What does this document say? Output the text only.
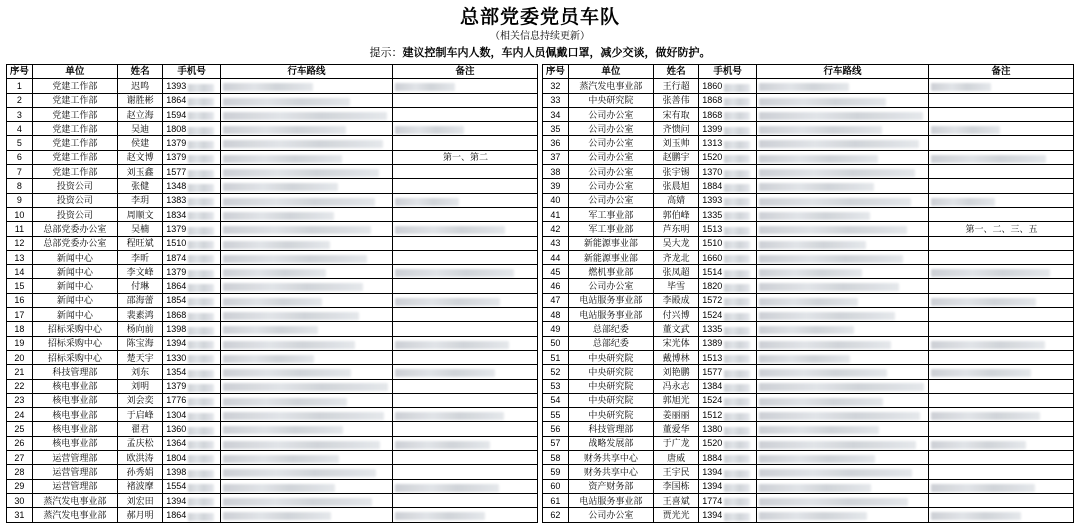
总部党委党员车队
（相关信息持续更新）
提示：建议控制车内人数，车内人员佩戴口罩，减少交谈，做好防护。
序号	单位	姓名	手机号	行车路线	备注
1	党建工作部	迟鸣	1393	

2	党建工作部	谢胜彬	1864	

3	党建工作部	赵立海	1594	

4	党建工作部	吴迪	1808	

5	党建工作部	侯建	1379	

6	党建工作部	赵文博	1379		第一、第二
7	党建工作部	刘玉鑫	1577	

8	投资公司	张健	1348	

9	投资公司	李玥	1383	

10	投资公司	周顺文	1834	

11	总部党委办公室	吴楠	1379	

12	总部党委办公室	程旺斌	1510	

13	新闻中心	李昕	1874	

14	新闻中心	李文峰	1379	

15	新闻中心	付琳	1864	

16	新闻中心	邵海蕾	1854	

17	新闻中心	裴素鸿	1868	

18	招标采购中心	杨向前	1398	

19	招标采购中心	陈宝海	1394	

20	招标采购中心	楚天宇	1330	

21	科技管理部	刘东	1354	

22	核电事业部	刘明	1379	

23	核电事业部	刘会奕	1776	

24	核电事业部	于启峰	1304	

25	核电事业部	翟君	1360	

26	核电事业部	孟庆松	1364	

27	运营管理部	欧洪涛	1804	

28	运营管理部	孙秀娟	1398	

29	运营管理部	褚波摩	1554	

30	蒸汽发电事业部	刘宏田	1394	

31	蒸汽发电事业部	郝月明	1864	

序号	单位	姓名	手机号	行车路线	备注
32	蒸汽发电事业部	王行超	1860	

33	中央研究院	张善伟	1868	

34	公司办公室	宋有取	1868	

35	公司办公室	齐愦问	1399	

36	公司办公室	刘玉帅	1313	

37	公司办公室	赵鹏宇	1520	

38	公司办公室	张宇锡	1370	

39	公司办公室	张晨旭	1884	

40	公司办公室	高婧	1393	

41	军工事业部	郭伯峰	1335	

42	军工事业部	芦东明	1513		第一、二、三、五
43	新能源事业部	吴大龙	1510	

44	新能源事业部	齐龙北	1660	

45	燃机事业部	张凤超	1514	

46	公司办公室	毕雪	1820	

47	电站服务事业部	李殿成	1572	

48	电站服务事业部	付兴博	1524	

49	总部纪委	董文武	1335	

50	总部纪委	宋光体	1389	

51	中央研究院	戴博林	1513	

52	中央研究院	刘艳鹏	1577	

53	中央研究院	冯永志	1384	

54	中央研究院	郭旭光	1524	

55	中央研究院	姜丽丽	1512	

56	科技管理部	董爱华	1380	

57	战略发展部	于广龙	1520	

58	财务共享中心	唐威	1884	

59	财务共享中心	王宇民	1394	

60	资产财务部	李国栋	1394	

61	电站服务事业部	王喜斌	1774	

62	公司办公室	贾光光	1394	
